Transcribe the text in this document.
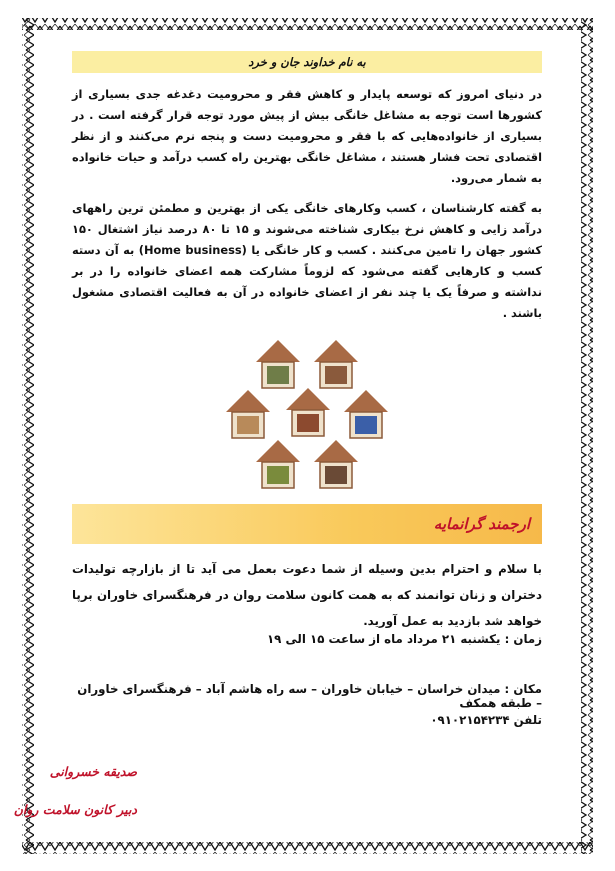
به نام خداوند جان و خرد

در دنیای امروز که توسعه پایدار و کاهش فقر و محرومیت دغدغه جدی بسیاری از کشورها است توجه به مشاغل خانگی بیش از پیش مورد توجه قرار گرفته است . در بسیاری از خانواده‌هایی که با فقر و محرومیت دست و پنجه نرم می‌کنند و از نظر اقتصادی تحت فشار هستند ، مشاغل خانگی بهترین راه کسب درآمد و حیات خانواده به شمار می‌رود.

به گفته کارشناسان ، کسب وکارهای خانگی یکی از بهترین و مطمئن ترین راههای درآمد زایی و کاهش نرخ بیکاری شناخته می‌شوند و ۱۵ تا ۸۰ درصد نیاز اشتغال ۱۵۰ کشور جهان را تامین می‌کنند . کسب و کار خانگی یا (Home business) به آن دسته کسب و کارهایی گفته می‌شود که لزوماً مشارکت همه اعضای خانواده را در بر نداشته و صرفاً یک یا چند نفر از اعضای خانواده در آن به فعالیت اقتصادی مشغول باشند .

ارجمند گرانمایه

با سلام و احترام بدین وسیله از شما دعوت بعمل می آید تا از بازارچه تولیدات دختران و زنان توانمند که به همت کانون سلامت روان در فرهنگسرای خاوران برپا خواهد شد بازدید به عمل آورید.

زمان : یکشنبه ۲۱ مرداد ماه از ساعت ۱۵ الی ۱۹
مکان : میدان خراسان – خیابان خاوران – سه راه هاشم آباد – فرهنگسرای خاوران – طبقه همکف
تلفن ۰۹۱۰۲۱۵۴۲۳۴
صدیقه خسروانی
دبیر کانون سلامت روان
